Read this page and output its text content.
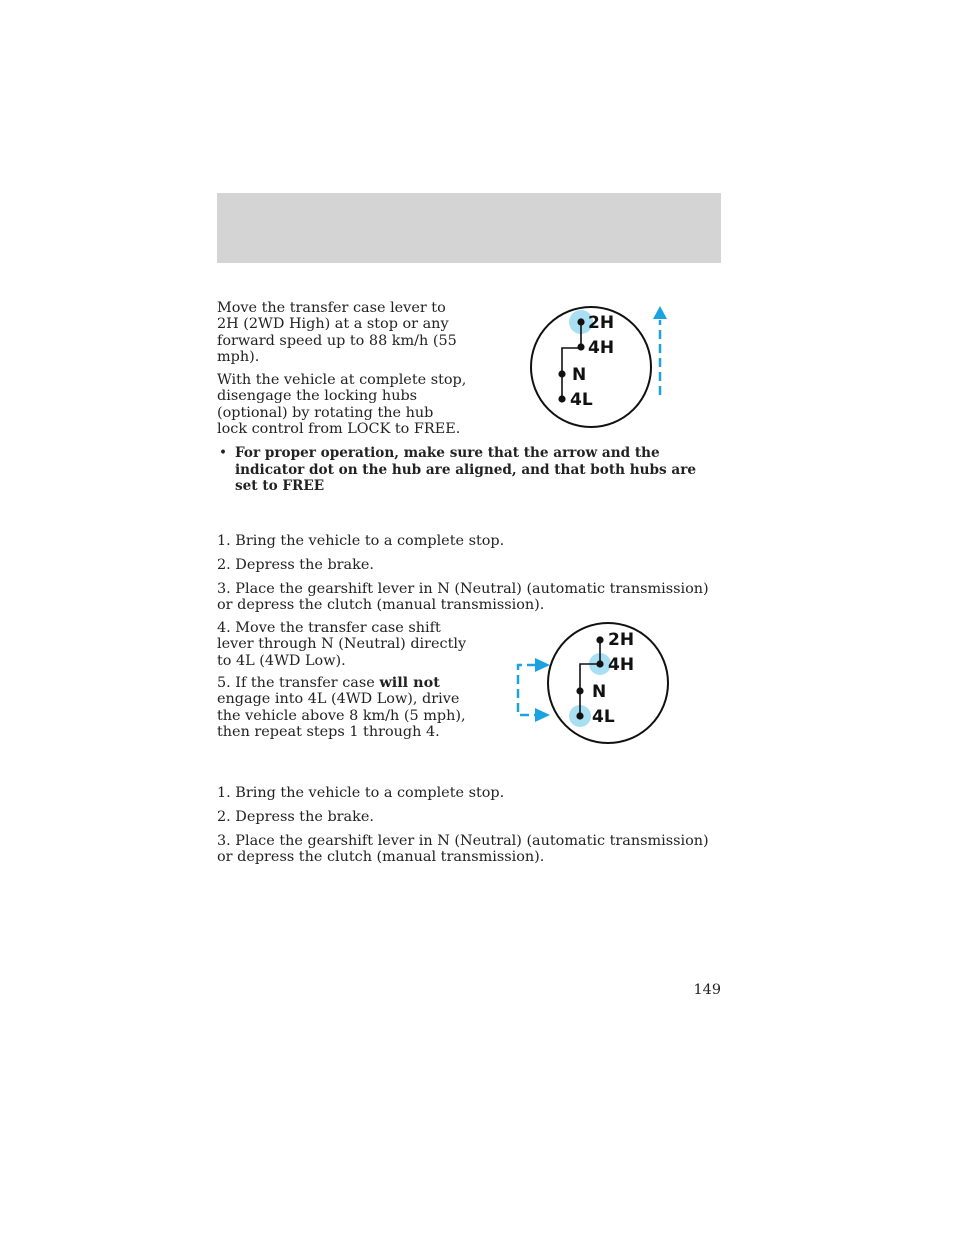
Move the transfer case lever to 2H (2WD High) at a stop or any forward speed up to 88 km/h (55 mph).

With the vehicle at complete stop, disengage the locking hubs (optional) by rotating the hub lock control from LOCK to FREE.

• For proper operation, make sure that the arrow and the indicator dot on the hub are aligned, and that both hubs are set to FREE

1. Bring the vehicle to a complete stop.

2. Depress the brake.

3. Place the gearshift lever in N (Neutral) (automatic transmission) or depress the clutch (manual transmission).

4. Move the transfer case shift lever through N (Neutral) directly to 4L (4WD Low).

5. If the transfer case will not engage into 4L (4WD Low), drive the vehicle above 8 km/h (5 mph), then repeat steps 1 through 4.

1. Bring the vehicle to a complete stop.

2. Depress the brake.

3. Place the gearshift lever in N (Neutral) (automatic transmission) or depress the clutch (manual transmission).

2H
4H
N
4L
2H
4H
N
4L
149
